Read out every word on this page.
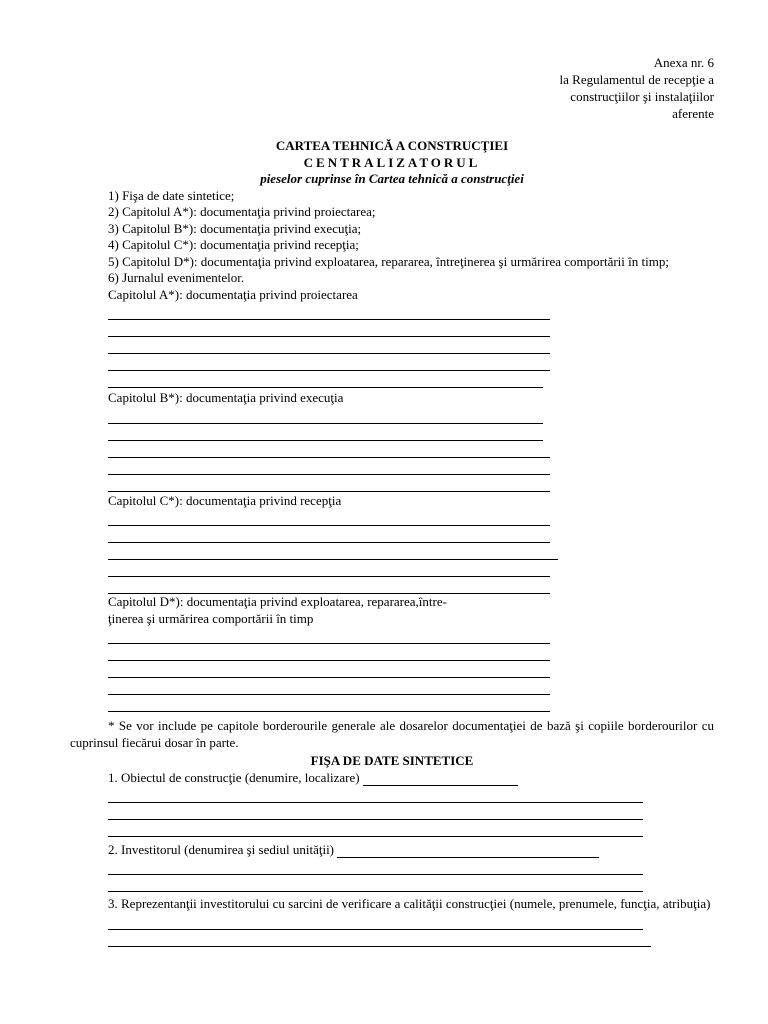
Anexa nr. 6
la Regulamentul de recepţie a
construcţiilor şi instalaţiilor
aferente
CARTEA TEHNICĂ A CONSTRUCŢIEI
CENTRALIZATORUL
pieselor cuprinse în Cartea tehnică a construcţiei
1) Fişa de date sintetice;
2) Capitolul A*): documentaţia privind proiectarea;
3) Capitolul B*): documentaţia privind execuţia;
4) Capitolul C*): documentaţia privind recepţia;
5) Capitolul D*): documentaţia privind exploatarea, repararea, întreţinerea şi urmărirea comportării în timp;
6) Jurnalul evenimentelor.
Capitolul A*): documentaţia privind proiectarea
Capitolul B*): documentaţia privind execuţia
Capitolul C*): documentaţia privind recepţia
Capitolul D*): documentaţia privind exploatarea, repararea,între-
ţinerea şi urmărirea comportării în timp
* Se vor include pe capitole borderourile generale ale dosarelor documentaţiei de bază şi copiile borderourilor cu cuprinsul fiecărui dosar în parte.
FIŞA DE DATE SINTETICE
1. Obiectul de construcţie (denumire, localizare)
2. Investitorul (denumirea şi sediul unităţii)
3. Reprezentanţii investitorului cu sarcini de verificare a calităţii construcţiei (numele, prenumele, funcţia, atribuţia)
